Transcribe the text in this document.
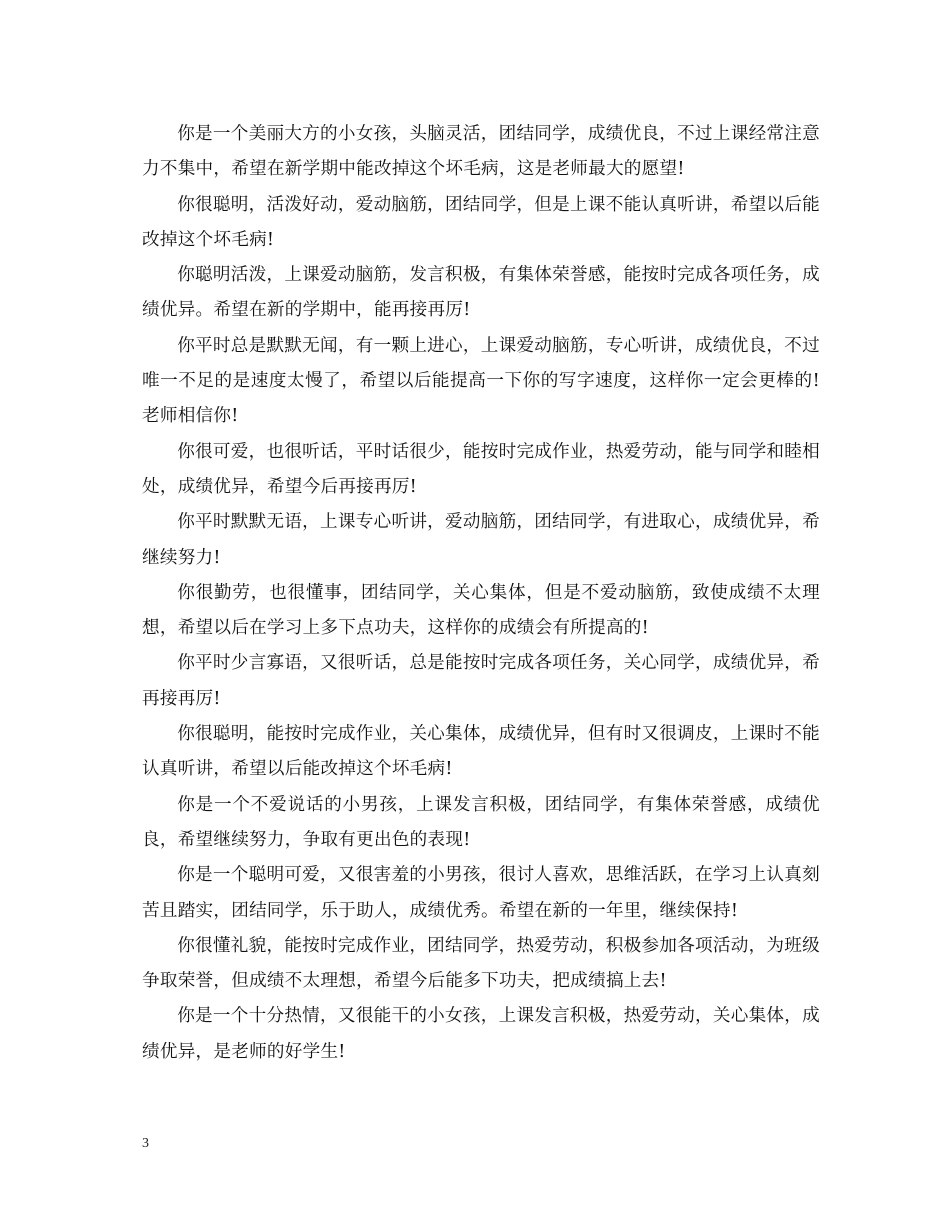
你是一个美丽大方的小女孩，头脑灵活，团结同学，成绩优良，不过上课经常注意力不集中，希望在新学期中能改掉这个坏毛病，这是老师最大的愿望!

你很聪明，活泼好动，爱动脑筋，团结同学，但是上课不能认真听讲，希望以后能改掉这个坏毛病!

你聪明活泼，上课爱动脑筋，发言积极，有集体荣誉感，能按时完成各项任务，成绩优异。希望在新的学期中，能再接再厉!

你平时总是默默无闻，有一颗上进心，上课爱动脑筋，专心听讲，成绩优良，不过唯一不足的是速度太慢了，希望以后能提高一下你的写字速度，这样你一定会更棒的!老师相信你!

你很可爱，也很听话，平时话很少，能按时完成作业，热爱劳动，能与同学和睦相处，成绩优异，希望今后再接再厉!

你平时默默无语，上课专心听讲，爱动脑筋，团结同学，有进取心，成绩优异，希继续努力!

你很勤劳，也很懂事，团结同学，关心集体，但是不爱动脑筋，致使成绩不太理想，希望以后在学习上多下点功夫，这样你的成绩会有所提高的!

你平时少言寡语，又很听话，总是能按时完成各项任务，关心同学，成绩优异，希再接再厉!

你很聪明，能按时完成作业，关心集体，成绩优异，但有时又很调皮，上课时不能认真听讲，希望以后能改掉这个坏毛病!

你是一个不爱说话的小男孩，上课发言积极，团结同学，有集体荣誉感，成绩优良，希望继续努力，争取有更出色的表现!

你是一个聪明可爱，又很害羞的小男孩，很讨人喜欢，思维活跃，在学习上认真刻苦且踏实，团结同学，乐于助人，成绩优秀。希望在新的一年里，继续保持!

你很懂礼貌，能按时完成作业，团结同学，热爱劳动，积极参加各项活动，为班级争取荣誉，但成绩不太理想，希望今后能多下功夫，把成绩搞上去!

你是一个十分热情，又很能干的小女孩，上课发言积极，热爱劳动，关心集体，成绩优异，是老师的好学生!

3
